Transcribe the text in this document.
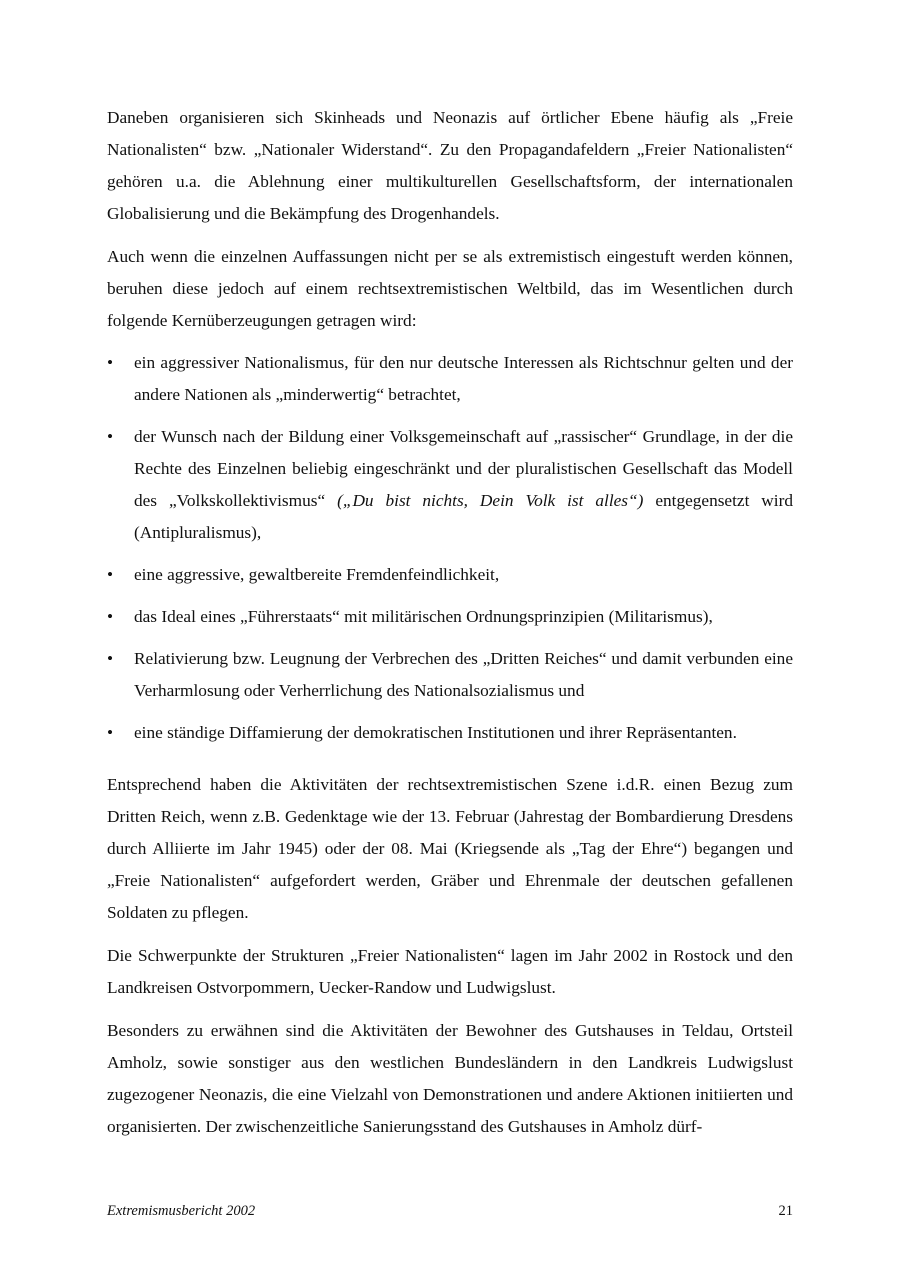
Daneben organisieren sich Skinheads und Neonazis auf örtlicher Ebene häufig als „Freie Nationalisten“ bzw. „Nationaler Widerstand“. Zu den Propagandafeldern „Freier Nationalisten“ gehören u.a. die Ablehnung einer multikulturellen Gesellschaftsform, der internationalen Globalisierung und die Bekämpfung des Drogenhandels.

Auch wenn die einzelnen Auffassungen nicht per se als extremistisch eingestuft werden können, beruhen diese jedoch auf einem rechtsextremistischen Weltbild, das im Wesentlichen durch folgende Kernüberzeugungen getragen wird:

•	ein aggressiver Nationalismus, für den nur deutsche Interessen als Richtschnur gelten und der andere Nationen als „minderwertig“ betrachtet,
•	der Wunsch nach der Bildung einer Volksgemeinschaft auf „rassischer“ Grundlage, in der die Rechte des Einzelnen beliebig eingeschränkt und der pluralistischen Gesellschaft das Modell des „Volkskollektivismus“ („Du bist nichts, Dein Volk ist alles“) entgegensetzt wird (Antipluralismus),
•	eine aggressive, gewaltbereite Fremdenfeindlichkeit,
•	das Ideal eines „Führerstaats“ mit militärischen Ordnungsprinzipien (Militarismus),
•	Relativierung bzw. Leugnung der Verbrechen des „Dritten Reiches“ und damit verbunden eine Verharmlosung oder Verherrlichung des Nationalsozialismus und
•	eine ständige Diffamierung der demokratischen Institutionen und ihrer Repräsentanten.

Entsprechend haben die Aktivitäten der rechtsextremistischen Szene i.d.R. einen Bezug zum Dritten Reich, wenn z.B. Gedenktage wie der 13. Februar (Jahrestag der Bombardierung Dresdens durch Alliierte im Jahr 1945) oder der 08. Mai (Kriegsende als „Tag der Ehre“) begangen und „Freie Nationalisten“ aufgefordert werden, Gräber und Ehrenmale der deutschen gefallenen Soldaten zu pflegen.

Die Schwerpunkte der Strukturen „Freier Nationalisten“ lagen im Jahr 2002 in Rostock und den Landkreisen Ostvorpommern, Uecker-Randow und Ludwigslust.

Besonders zu erwähnen sind die Aktivitäten der Bewohner des Gutshauses in Teldau, Ortsteil Amholz, sowie sonstiger aus den westlichen Bundesländern in den Landkreis Ludwigslust zugezogener Neonazis, die eine Vielzahl von Demonstrationen und andere Aktionen initiierten und organisierten. Der zwischenzeitliche Sanierungsstand des Gutshauses in Amholz dürf-

Extremismusbericht 2002	21
